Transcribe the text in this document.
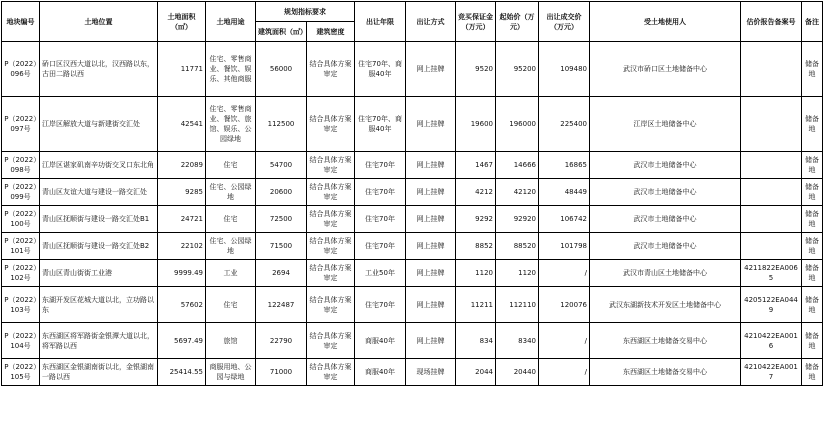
地块编号	土地位置	土地面积（㎡）	土地用途	规划指标要求		出让年限	出让方式	竞买保证金（万元）	起始价（万元）	出让成交价（万元）	受土地使用人	估价报告备案号	备注
				建筑面积（㎡）	建筑密度								
P（2022）096号	硚口区汉西大道以北，汉西路以东，古田二路以西	11771	住宅、零售商业、餐饮、娱乐、其他商服	56000	结合具体方案审定	住宅70年、商服40年	网上挂牌	9520	95200	109480	武汉市硚口区土地储备中心		储备地
P（2022）097号	江岸区解放大道与新建街交汇处	42541	住宅、零售商业、餐饮、旅馆、娱乐、公园绿地	112500	结合具体方案审定	住宅70年、商服40年	网上挂牌	19600	196000	225400	江岸区土地储备中心		储备地
P（2022）098号	江岸区谌家矶南辛功街交叉口东北角	22089	住宅	54700	结合具体方案审定	住宅70年	网上挂牌	1467	14666	16865	武汉市土地储备中心		储备地
P（2022）099号	青山区友谊大道与建设一路交汇处	9285	住宅、公园绿地	20600	结合具体方案审定	住宅70年	网上挂牌	4212	42120	48449	武汉市土地储备中心		储备地
P（2022）100号	青山区抚顺街与建设一路交汇处B1	24721	住宅	72500	结合具体方案审定	住宅70年	网上挂牌	9292	92920	106742	武汉市土地储备中心		储备地
P（2022）101号	青山区抚顺街与建设一路交汇处B2	22102	住宅、公园绿地	71500	结合具体方案审定	住宅70年	网上挂牌	8852	88520	101798	武汉市土地储备中心		储备地
P（2022）102号	青山区青山街街工业港	9999.49	工业	2694	结合具体方案审定	工业50年	网上挂牌	1120	1120	/	武汉市青山区土地储备中心	4211822EA0065	储备地
P（2022）103号	东湖开发区花城大道以北，立功路以东	57602	住宅	122487	结合具体方案审定	住宅70年	网上挂牌	11211	112110	120076	武汉东湖新技术开发区土地储备中心	4205122EA0449	储备地
P（2022）104号	东西湖区将军路街金银潭大道以北，将军路以西	5697.49	旅馆	22790	结合具体方案审定	商服40年	网上挂牌	834	8340	/	东西湖区土地储备交易中心	4210422EA0016	储备地
P（2022）105号	东西湖区金银湖南街以北，金银湖南一路以西	25414.55	商服用地、公园与绿地	71000	结合具体方案审定	商服40年	现场挂牌	2044	20440	/	东西湖区土地储备交易中心	4210422EA0017	储备地
